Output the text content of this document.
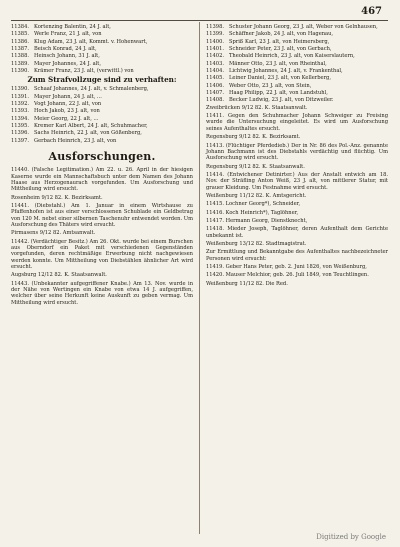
467
11384. Kortenzing Balentin, 24 J. alt,
11385. Werle Franz, 21 J. alt, von
11386. Klug Adam, 23 J. alt, Kommt. v. Hohenwart,
11387. Beisch Konrad, 24 J. alt,
11388. Heinsch Johann, 31 J. alt,
11389. Mayer Johannes, 24 J. alt,
11390. Krämer Franz, 23 J. alt, (verwittl.) von
Zum Strafvollzuge sind zu verhaften:
11390. Schaaf Johannes, 24 J. alt, v. Schmalenberg,
11391. Mayer Johann, 24 J. alt, ...
11392. Vogt Johann, 22 J. alt, von
11393. Hoch Jakob, 23 J. alt, von
11394. Meier Georg, 22 J. alt, ...
11395. Kremer Karl Albert, 24 J. alt, Schuhmacher,
11396. Sachs Heinrich, 22 J. alt, von Gößenberg,
11397. Gerbach Heinrich, 23 J. alt, von
Ausforschungen.
11440. (Falsche Legitimation.) Am 22. u. 26. April in der hiesigen Kaserne wurde ein Mannschaftsbuch unter dem Namen des Johann Haase aus Herzogenaurach vorgefunden. Um Ausforschung und Mittheilung wird ersucht.
Rosenheim 9/12 82. K. Bezirksamt.
11441. (Diebstahl.) Am 1. Januar in einem Wirtshause zu Pfaffenhofen ist aus einer verschlossenen Schublade ein Geldbetrag von 120 M. nebst einer silbernen Taschenuhr entwendet worden. Um Ausforschung des Thäters wird ersucht.
Pirmasens 9/12 82. Amtsanwalt.
11442. (Verdächtiger Besitz.) Am 26. Okt. wurde bei einem Burschen aus Oberndorf ein Paket mit verschiedenen Gegenständen vorgefunden, deren rechtmäßige Erwerbung nicht nachgewiesen werden konnte. Um Mittheilung von Diebstählen ähnlicher Art wird ersucht.
Augsburg 12/12 82. K. Staatsanwalt.
11443. (Unbekannter aufgegriffener Knabe.) Am 13. Nov. wurde in der Nähe von Wertingen ein Knabe von etwa 14 J. aufgegriffen, welcher über seine Herkunft keine Auskunft zu geben vermag. Um Mittheilung wird ersucht.
11398. Schuster Johann Georg, 23 J. alt, Weber von Gelnhausen,
11399. Schäffner Jakob, 24 J. alt, von Hagenau,
11400. Spriß Karl, 23 J. alt, von Heimersberg,
11401. Schneider Peter, 23 J. alt, von Gerbach,
11402. Theobald Heinrich, 23 J. alt, von Kaiserslautern,
11403. Männer Otto, 23 J. alt, von Rheinthal,
11404. Lichtwig Johannes, 24 J. alt, v. Frankenthal,
11405. Leiner Daniel, 23 J. alt, von Kellerberg,
11406. Weber Otto, 23 J. alt, von Stein,
11407. Haag Philipp, 22 J. alt, von Landstuhl,
11408. Becker Ludwig, 23 J. alt, von Ditzweiler.
Zweibrücken 9/12 82. K. Staatsanwalt.
11411. Gegen den Schuhmacher Johann Schweiger zu Freising wurde die Untersuchung eingeleitet. Es wird um Ausforschung seines Aufenthaltes ersucht.
Regensburg 9/12 82. K. Bezirksamt.
11413. (Flüchtiger Pferdedieb.) Der in Nr. 86 des Pol.-Anz. genannte Johann Bachmann ist des Diebstahls verdächtig und flüchtig. Um Ausforschung wird ersucht.
Regensburg 9/12 82. K. Staatsanwalt.
11414. (Entwichener Detinirter.) Aus der Anstalt entwich am 18. Nov. der Sträfling Anton Weiß, 23 J. alt, von mittlerer Statur, mit grauer Kleidung. Um Festnahme wird ersucht.
Weißenburg 11/12 82. K. Amtsgericht.
11415. Lochner Georg*), Schneider,
11416. Koch Heinrich*), Taglöhner,
11417. Hermann Georg, Dienstknecht,
11418. Mieder Joseph, Taglöhner, deren Aufenthalt dem Gerichte unbekannt ist.
Weißenburg 13/12 82. Stadtmagistrat.
Zur Ermittlung und Bekanntgabe des Aufenthaltes nachbezeichneter Personen wird ersucht:
11419. Geber Hans Peter, geb. 2. Juni 1826, von Weißenburg,
11420. Mauser Melchior, geb. 26. Juli 1849, von Teuchtlingen.
Weißenburg 11/12 82. Die Red.
Digitized by Google
